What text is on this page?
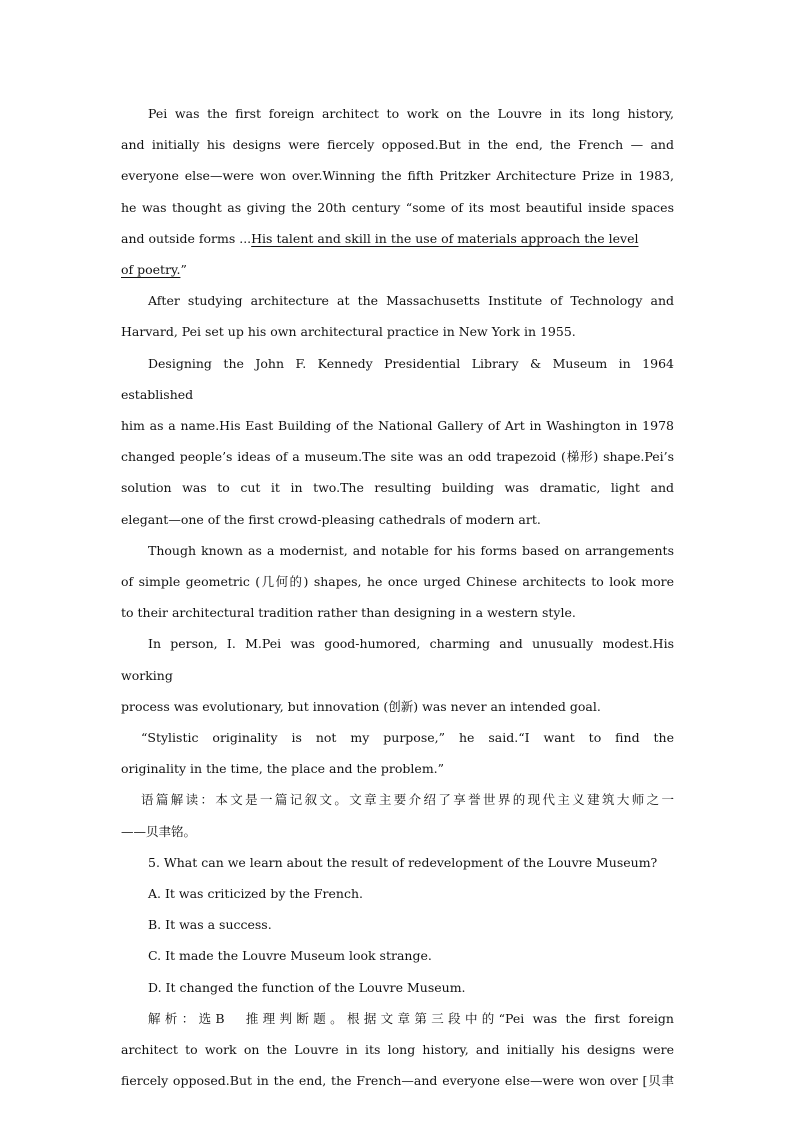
Pei was the first foreign architect to work on the Louvre in its long history,
and initially his designs were fiercely opposed.But in the end, the French — and
everyone else—were won over.Winning the fifth Pritzker Architecture Prize in 1983,
he was thought as giving the 20th century “some of its most beautiful inside spaces
and outside forms ...His talent and skill in the use of materials approach the level
of poetry.”

After studying architecture at the Massachusetts Institute of Technology and
Harvard, Pei set up his own architectural practice in New York in 1955.

Designing the John F. Kennedy Presidential Library & Museum in 1964 established
him as a name.His East Building of the National Gallery of Art in Washington in 1978
changed people’s ideas of a museum.The site was an odd trapezoid (梯形) shape.Pei’s
solution was to cut it in two.The resulting building was dramatic, light and
elegant—one of the first crowd-pleasing cathedrals of modern art.

Though known as a modernist, and notable for his forms based on arrangements
of simple geometric (几何的) shapes, he once urged Chinese architects to look more
to their architectural tradition rather than designing in a western style.

In person, I. M.Pei was good-humored, charming and unusually modest.His working
process was evolutionary, but innovation (创新) was never an intended goal.

“Stylistic originality is not my purpose,” he said.“I want to find the
originality in the time, the place and the problem.”

语篇解读：本文是一篇记叙文。文章主要介绍了享誉世界的现代主义建筑大师之一
——贝聿铭。

5. What can we learn about the result of redevelopment of the Louvre Museum?

A. It was criticized by the French.

B. It was a success.

C. It made the Louvre Museum look strange.

D. It changed the function of the Louvre Museum.

解析：选B　推理判断题。根据文章第三段中的“Pei was the first foreign
architect to work on the Louvre in its long history, and initially his designs were
fiercely opposed.But in the end, the French—and everyone else—were won over [贝聿
